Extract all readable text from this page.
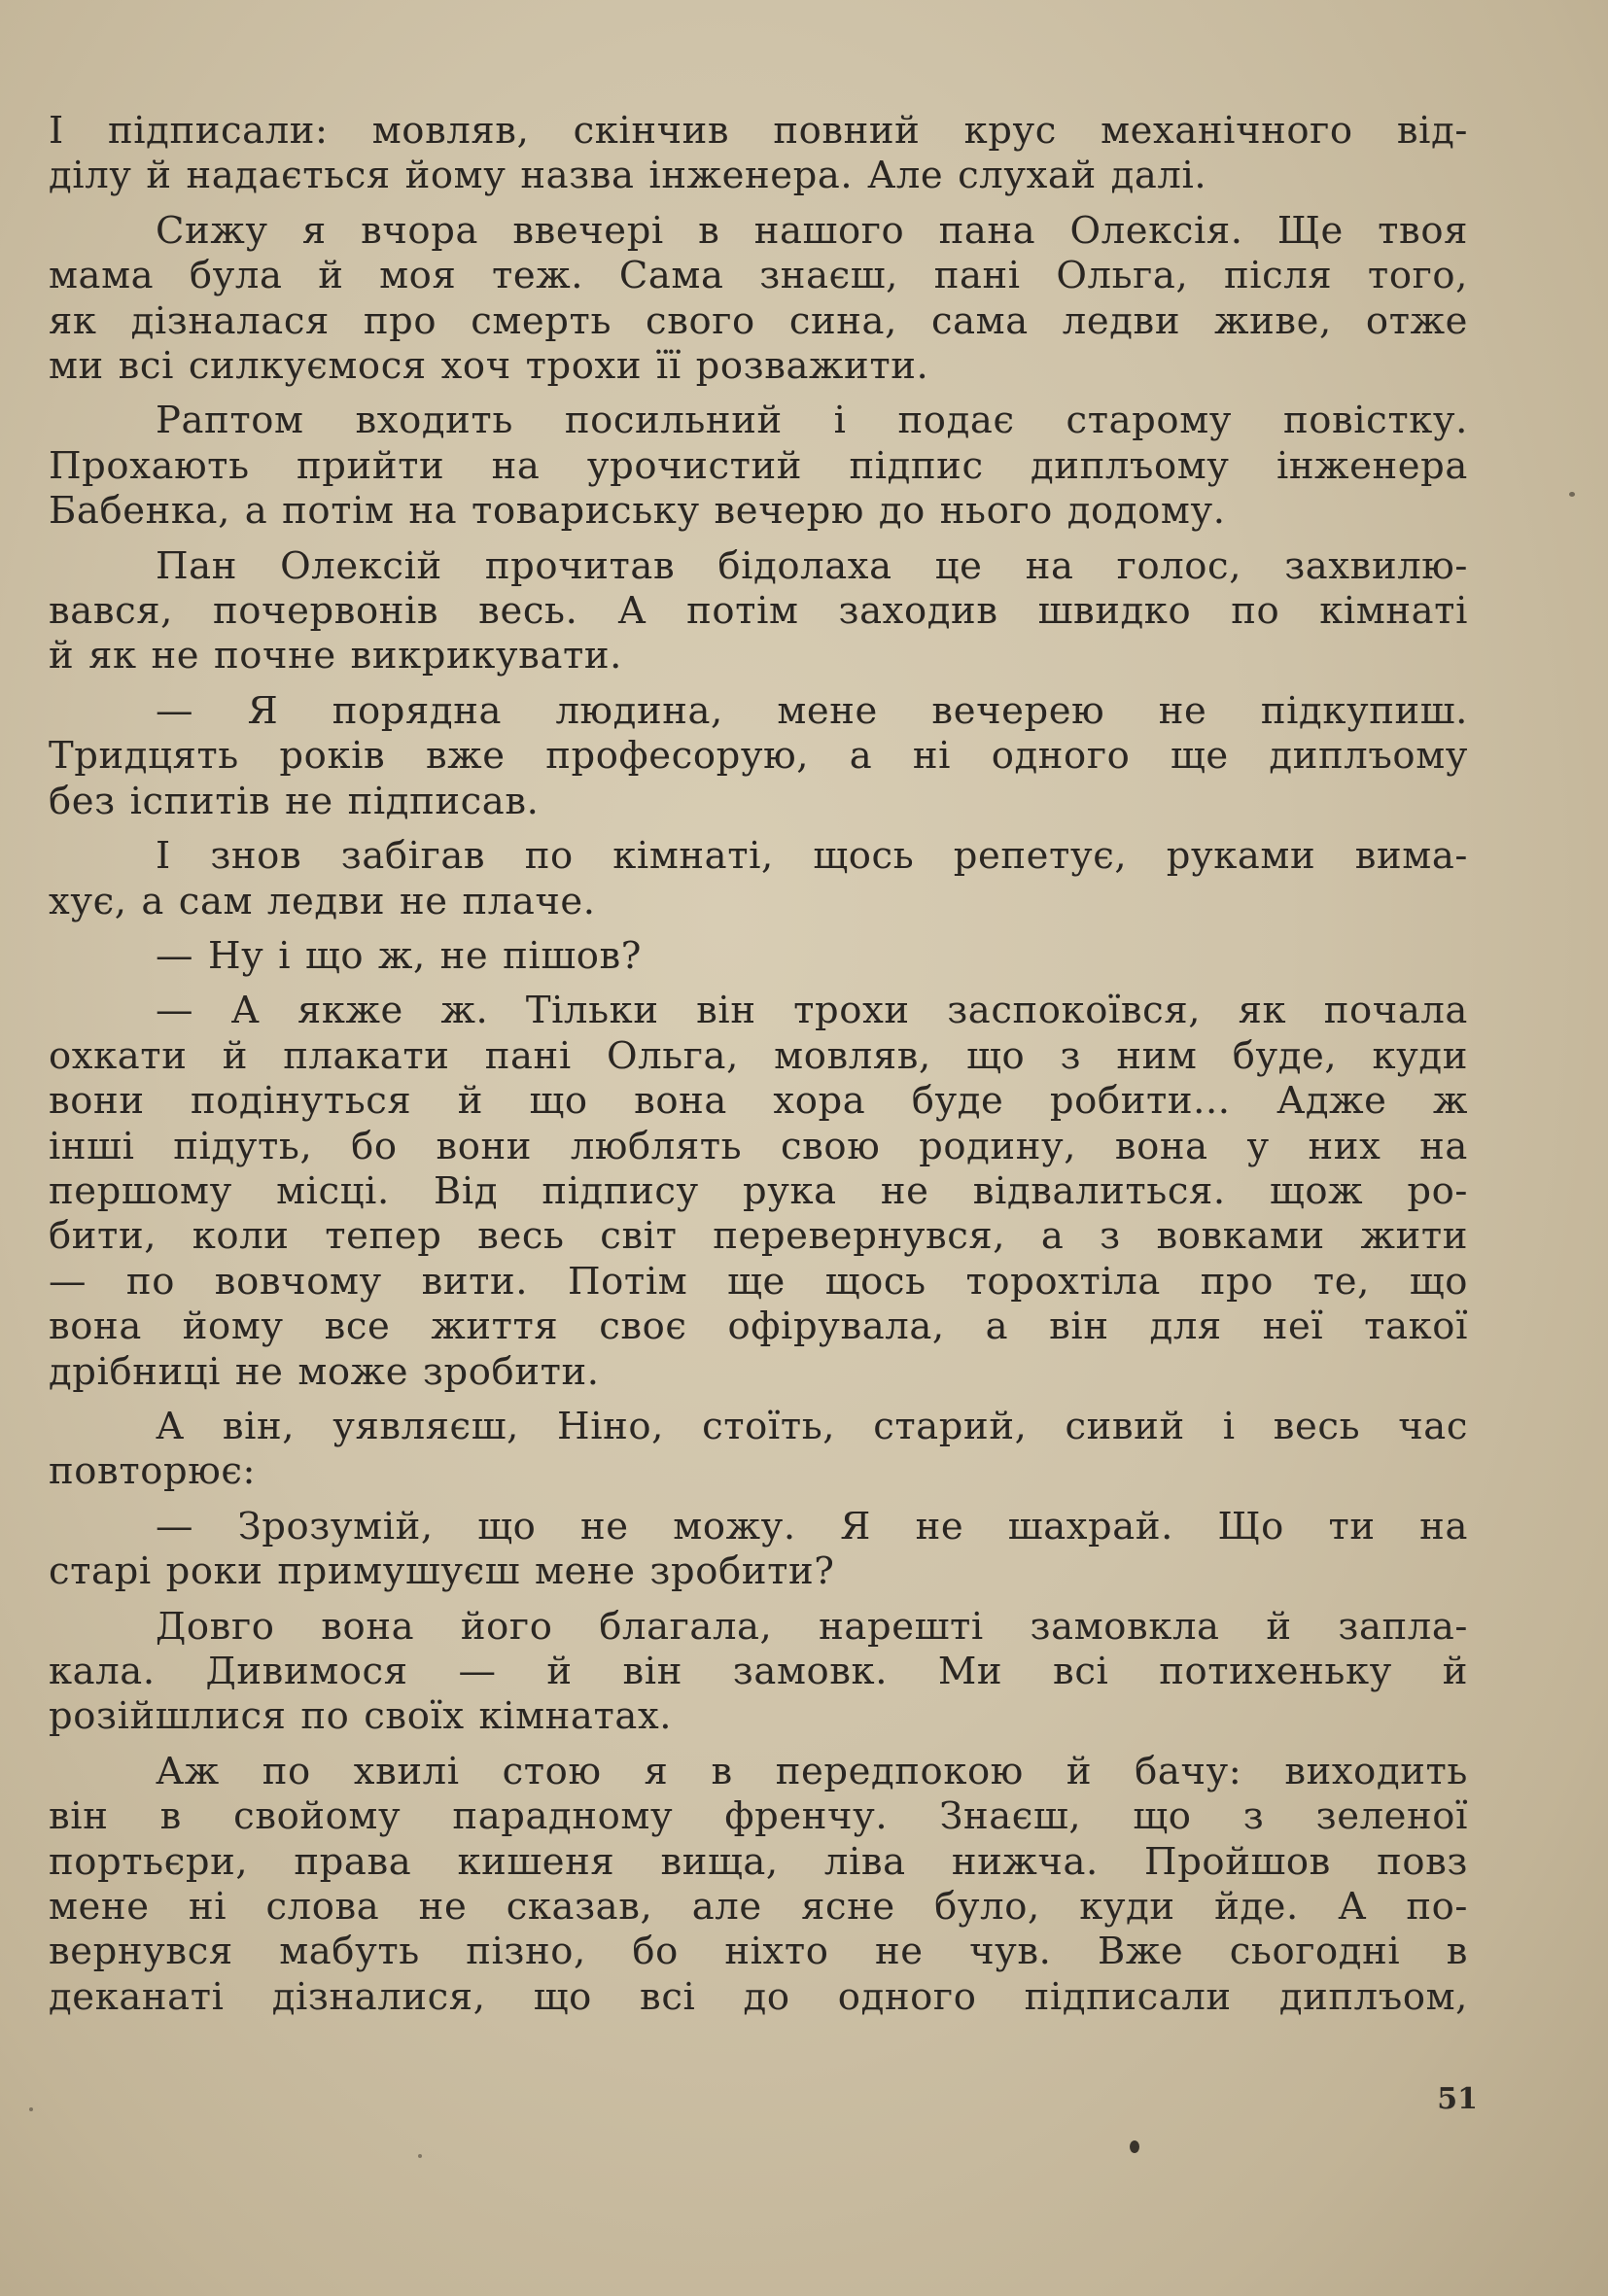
І підписали: мовляв, скінчив повний крус механічного від-
ділу й надається йому назва інженера. Але слухай далі.
Сижу я вчора ввечері в нашого пана Олексія. Ще твоя
мама була й моя теж. Сама знаєш, пані Ольга, після того,
як дізналася про смерть свого сина, сама ледви живе, отже
ми всі силкуємося хоч трохи її розважити.
Раптом входить посильний і подає старому повістку.
Прохають прийти на урочистий підпис диплъому інженера
Бабенка, а потім на товариську вечерю до нього додому.
Пан Олексій прочитав бідолаха це на голос, захвилю-
вався, почервонів весь. А потім заходив швидко по кімнаті
й як не почне викрикувати.
— Я порядна людина, мене вечерею не підкупиш.
Тридцять років вже професорую, а ні одного ще диплъому
без іспитів не підписав.
І знов забігав по кімнаті, щось репетує, руками вима-
хує, а сам ледви не плаче.
— Ну і що ж, не пішов?
— А якже ж. Тільки він трохи заспокоївся, як почала
охкати й плакати пані Ольга, мовляв, що з ним буде, куди
вони подінуться й що вона хора буде робити... Адже ж
інші підуть, бо вони люблять свою родину, вона у них на
першому місці. Від підпису рука не відвалиться. щож ро-
бити, коли тепер весь світ перевернувся, а з вовками жити
— по вовчому вити. Потім ще щось торохтіла про те, що
вона йому все життя своє офірувала, а він для неї такої
дрібниці не може зробити.
А він, уявляєш, Ніно, стоїть, старий, сивий і весь час
повторює:
— Зрозумій, що не можу. Я не шахрай. Що ти на
старі роки примушуєш мене зробити?
Довго вона його благала, нарешті замовкла й запла-
кала. Дивимося — й він замовк. Ми всі потихеньку й
розійшлися по своїх кімнатах.
Аж по хвилі стою я в передпокою й бачу: виходить
він в свойому парадному френчу. Знаєш, що з зеленої
портьєри, права кишеня вища, ліва нижча. Пройшов повз
мене ні слова не сказав, але ясне було, куди йде. А по-
вернувся мабуть пізно, бо ніхто не чув. Вже сьогодні в
деканаті дізналися, що всі до одного підписали диплъом,
51
